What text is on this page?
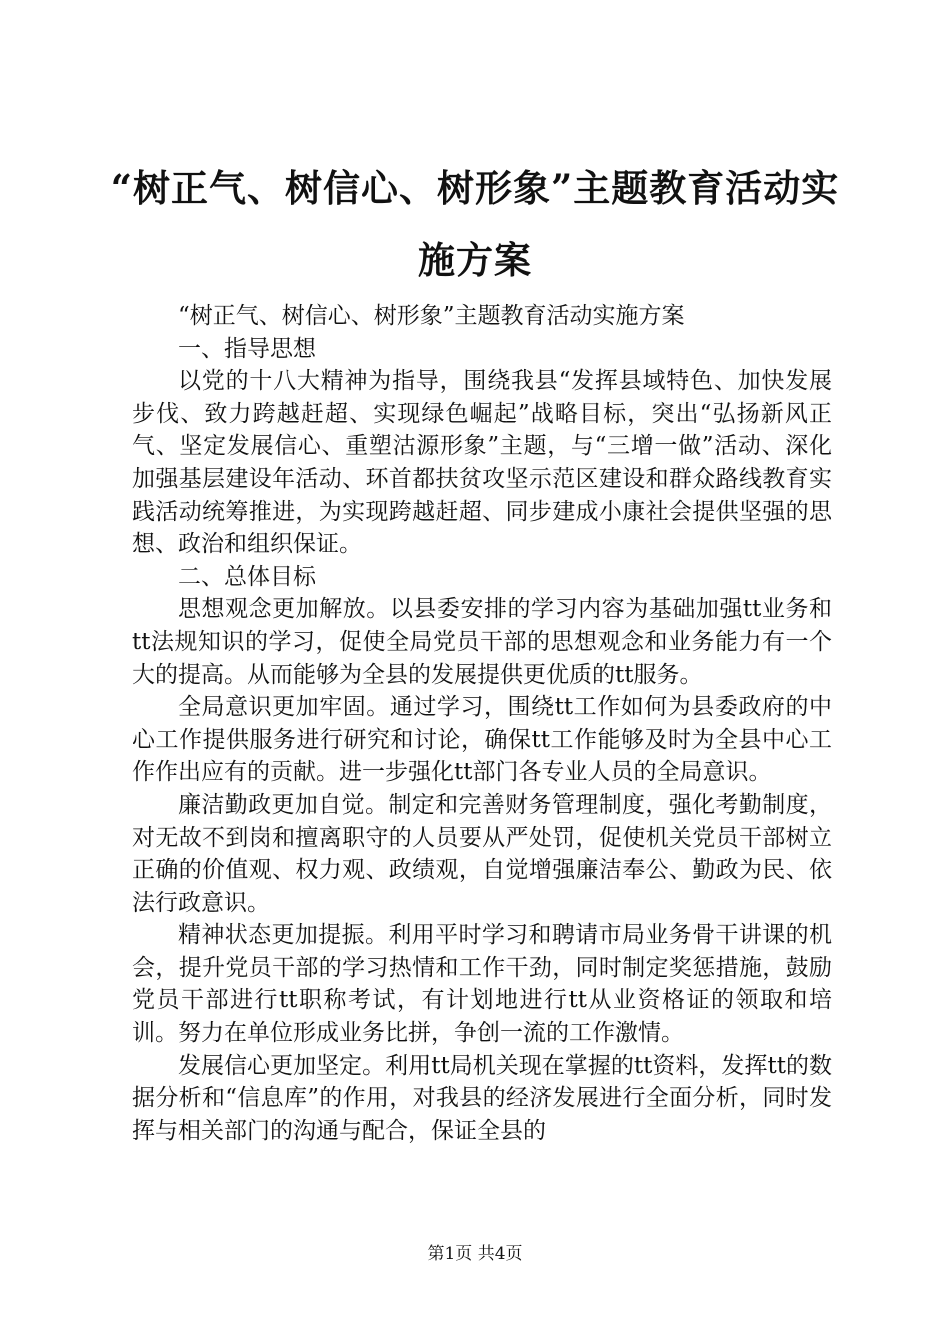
“树正气、树信心、树形象”主题教育活动实施方案

“树正气、树信心、树形象”主题教育活动实施方案

一、指导思想

以党的十八大精神为指导，围绕我县“发挥县域特色、加快发展步伐、致力跨越赶超、实现绿色崛起”战略目标，突出“弘扬新风正气、坚定发展信心、重塑沽源形象”主题，与“三增一做”活动、深化加强基层建设年活动、环首都扶贫攻坚示范区建设和群众路线教育实践活动统筹推进，为实现跨越赶超、同步建成小康社会提供坚强的思想、政治和组织保证。

二、总体目标

思想观念更加解放。以县委安排的学习内容为基础加强tt业务和tt法规知识的学习，促使全局党员干部的思想观念和业务能力有一个大的提高。从而能够为全县的发展提供更优质的tt服务。

全局意识更加牢固。通过学习，围绕tt工作如何为县委政府的中心工作提供服务进行研究和讨论，确保tt工作能够及时为全县中心工作作出应有的贡献。进一步强化tt部门各专业人员的全局意识。

廉洁勤政更加自觉。制定和完善财务管理制度，强化考勤制度，对无故不到岗和擅离职守的人员要从严处罚，促使机关党员干部树立正确的价值观、权力观、政绩观，自觉增强廉洁奉公、勤政为民、依法行政意识。

精神状态更加提振。利用平时学习和聘请市局业务骨干讲课的机会，提升党员干部的学习热情和工作干劲，同时制定奖惩措施，鼓励党员干部进行tt职称考试，有计划地进行tt从业资格证的领取和培训。努力在单位形成业务比拼，争创一流的工作激情。

发展信心更加坚定。利用tt局机关现在掌握的tt资料，发挥tt的数据分析和“信息库”的作用，对我县的经济发展进行全面分析，同时发挥与相关部门的沟通与配合，保证全县的

第1页 共4页
